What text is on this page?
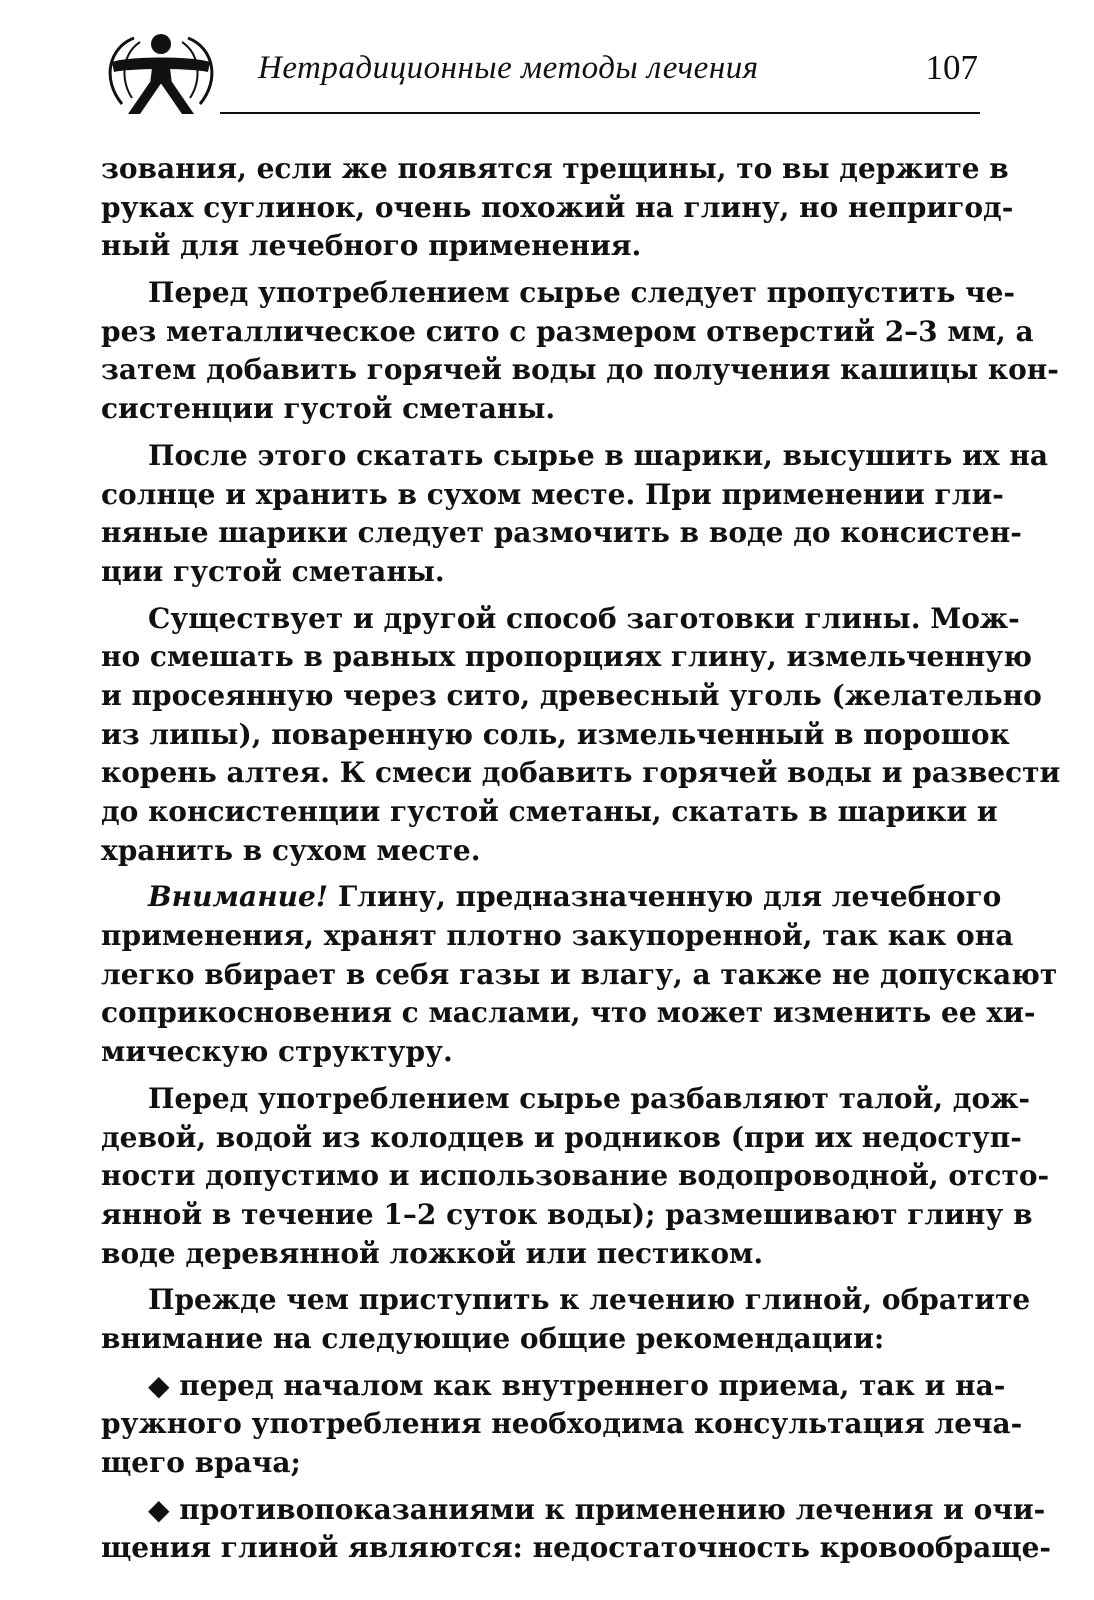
Нетрадиционные методы лечения	107
зования, если же появятся трещины, то вы держите в
руках суглинок, очень похожий на глину, но непригод-
ный для лечебного применения.
Перед употреблением сырье следует пропустить че-
рез металлическое сито с размером отверстий 2–3 мм, а
затем добавить горячей воды до получения кашицы кон-
систенции густой сметаны.
После этого скатать сырье в шарики, высушить их на
солнце и хранить в сухом месте. При применении гли-
няные шарики следует размочить в воде до консистен-
ции густой сметаны.
Существует и другой способ заготовки глины. Мож-
но смешать в равных пропорциях глину, измельченную
и просеянную через сито, древесный уголь (желательно
из липы), поваренную соль, измельченный в порошок
корень алтея. К смеси добавить горячей воды и развести
до консистенции густой сметаны, скатать в шарики и
хранить в сухом месте.
Внимание! Глину, предназначенную для лечебного
применения, хранят плотно закупоренной, так как она
легко вбирает в себя газы и влагу, а также не допускают
соприкосновения с маслами, что может изменить ее хи-
мическую структуру.
Перед употреблением сырье разбавляют талой, дож-
девой, водой из колодцев и родников (при их недоступ-
ности допустимо и использование водопроводной, отсто-
янной в течение 1–2 суток воды); размешивают глину в
воде деревянной ложкой или пестиком.
Прежде чем приступить к лечению глиной, обратите
внимание на следующие общие рекомендации:
◆ перед началом как внутреннего приема, так и на-
ружного употребления необходима консультация леча-
щего врача;
◆ противопоказаниями к применению лечения и очи-
щения глиной являются: недостаточность кровообраще-
